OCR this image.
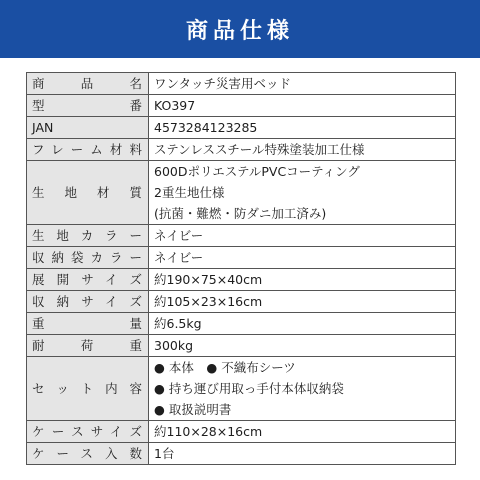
商品仕様
商品名	ワンタッチ災害用ベッド

型番	KO397

JAN	4573284123285

フレーム材料	ステンレススチール特殊塗装加工仕様

生地材質	600DポリエステルPVCコーティング
2重生地仕様
(抗菌・難燃・防ダニ加工済み)

生地カラー	ネイビー

収納袋カラー	ネイビー

展開サイズ	約190×75×40cm

収納サイズ	約105×23×16cm

重量	約6.5kg

耐荷重	300kg

セット内容	● 本体　● 不織布シーツ
● 持ち運び用取っ手付本体収納袋
● 取扱説明書

ケースサイズ	約110×28×16cm

ケース入数	1台
